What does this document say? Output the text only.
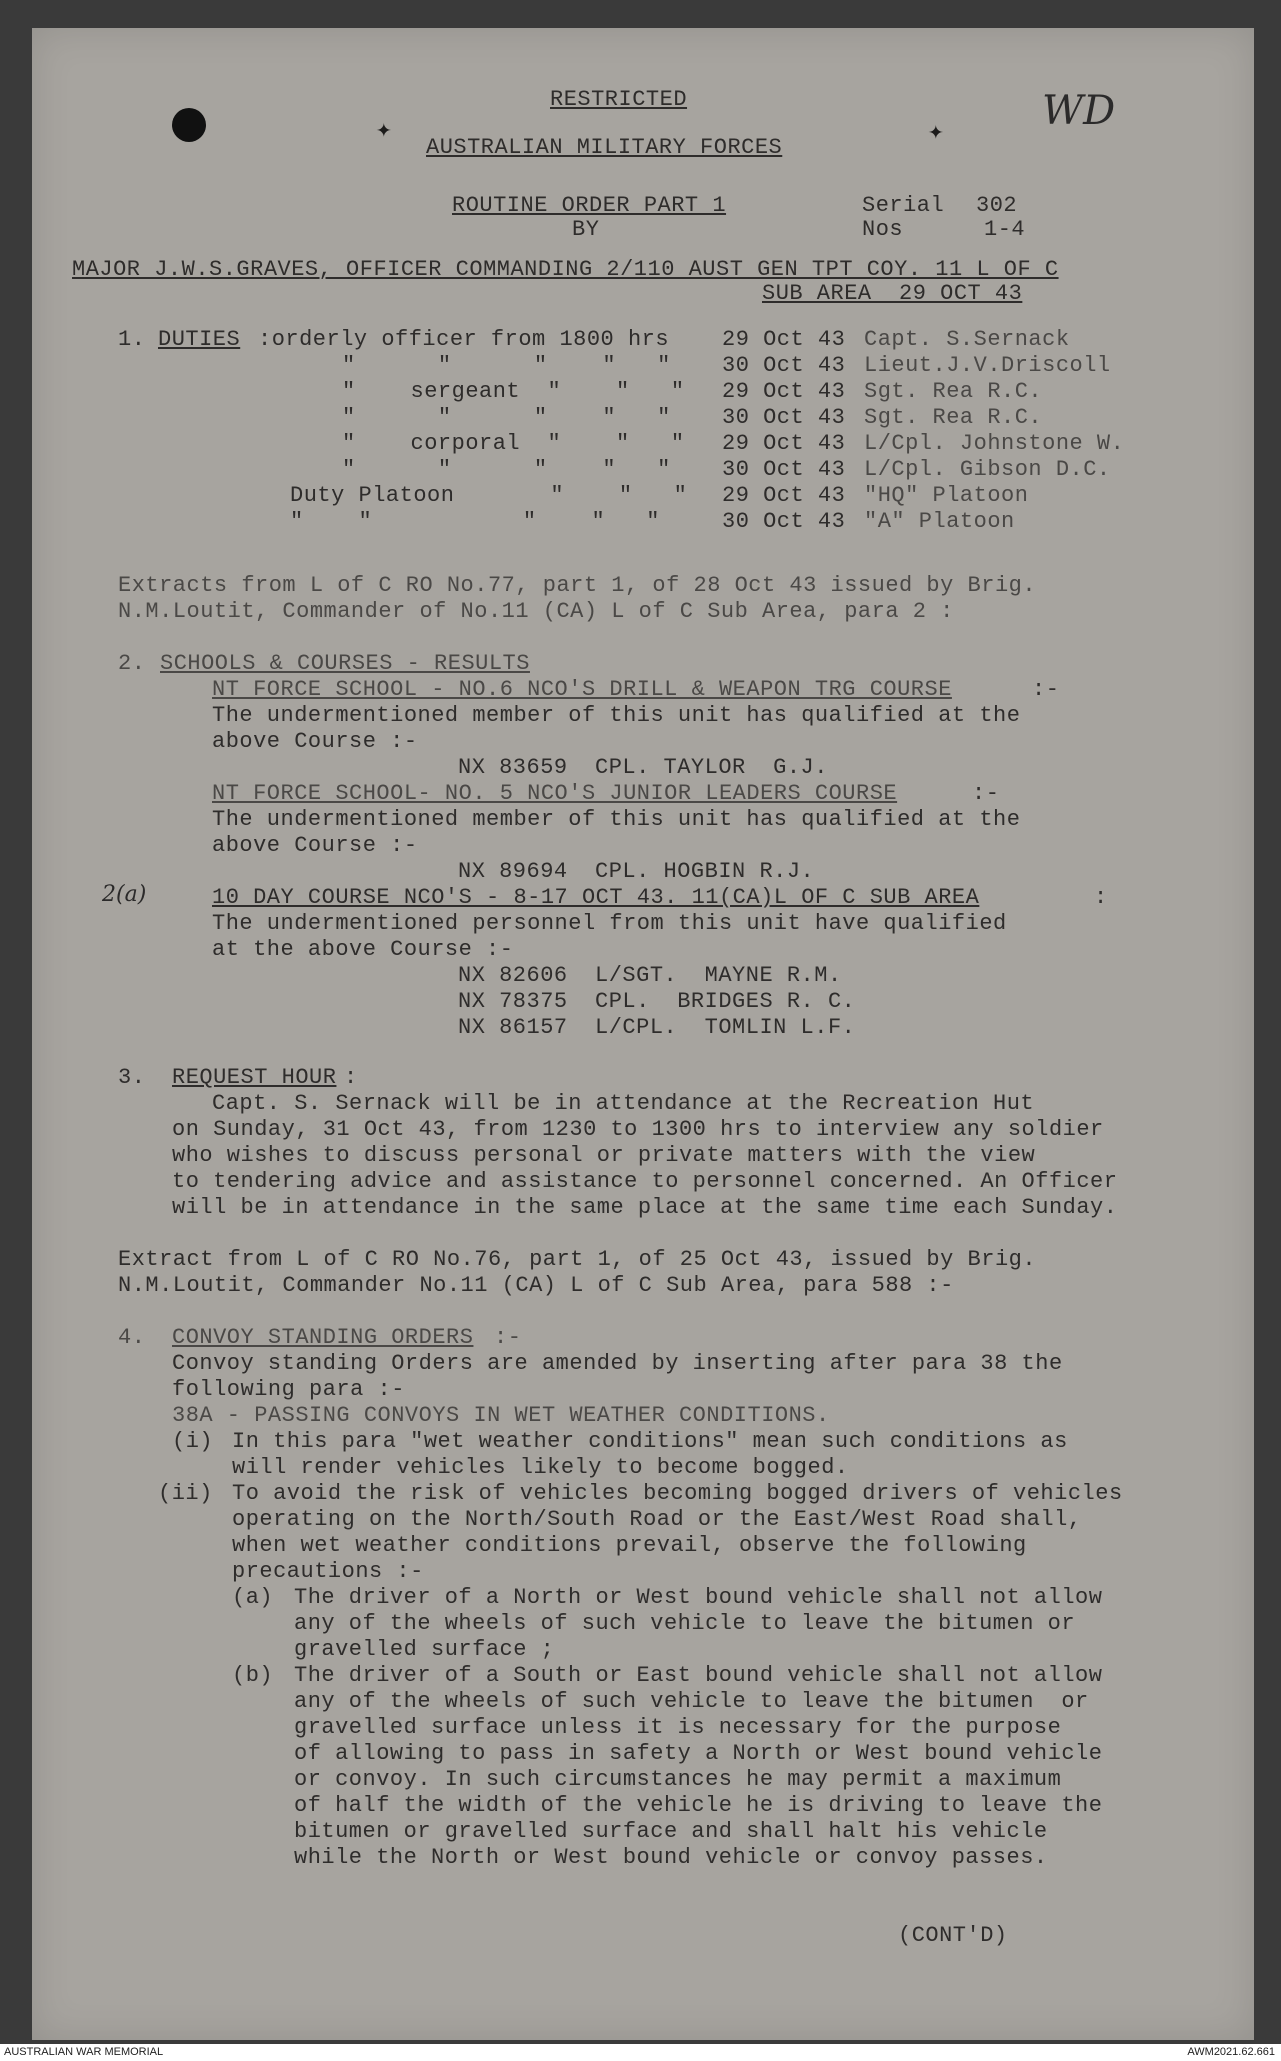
✦	✦
RESTRICTED
AUSTRALIAN MILITARY FORCES
ROUTINE ORDER PART 1
BY
Serial 302
Nos	1-4
WD
MAJOR J.W.S.GRAVES, OFFICER COMMANDING 2/110 AUST GEN TPT COY. 11 L OF C
SUB AREA  29 OCT 43
1. DUTIES :orderly officer from 1800 hrs 29 Oct 43 Capt. S.Sernack
"      "      "    "   " 30 Oct 43 Lieut.J.V.Driscoll
"    sergeant  "    "   " 29 Oct 43 Sgt. Rea R.C.
"      "      "    "   " 30 Oct 43 Sgt. Rea R.C.
"    corporal  "    "   " 29 Oct 43 L/Cpl. Johnstone W.
"      "      "    "   " 30 Oct 43 L/Cpl. Gibson D.C.
Duty Platoon       "    "   " 29 Oct 43 "HQ" Platoon
"    "           "    "   "	30 Oct 43 "A" Platoon
Extracts from L of C RO No.77, part 1, of 28 Oct 43 issued by Brig.
N.M.Loutit, Commander of No.11 (CA) L of C Sub Area, para 2 :
2. SCHOOLS & COURSES - RESULTS
NT FORCE SCHOOL - NO.6 NCO'S DRILL & WEAPON TRG COURSE	:-
The undermentioned member of this unit has qualified at the
above Course :-
NX 83659  CPL. TAYLOR  G.J.
NT FORCE SCHOOL- NO. 5 NCO'S JUNIOR LEADERS COURSE	:-
The undermentioned member of this unit has qualified at the
above Course :-
NX 89694  CPL. HOGBIN R.J.
2(a)	10 DAY COURSE NCO'S - 8-17 OCT 43. 11(CA)L OF C SUB AREA	:
The undermentioned personnel from this unit have qualified
at the above Course :-
NX 82606  L/SGT.  MAYNE R.M.
NX 78375  CPL.  BRIDGES R. C.
NX 86157  L/CPL.  TOMLIN L.F.
3. REQUEST HOUR :
Capt. S. Sernack will be in attendance at the Recreation Hut
on Sunday, 31 Oct 43, from 1230 to 1300 hrs to interview any soldier
who wishes to discuss personal or private matters with the view
to tendering advice and assistance to personnel concerned. An Officer
will be in attendance in the same place at the same time each Sunday.
Extract from L of C RO No.76, part 1, of 25 Oct 43, issued by Brig.
N.M.Loutit, Commander No.11 (CA) L of C Sub Area, para 588 :-
4. CONVOY STANDING ORDERS :-
Convoy standing Orders are amended by inserting after para 38 the
following para :-
38A - PASSING CONVOYS IN WET WEATHER CONDITIONS.
(i) In this para "wet weather conditions" mean such conditions as
will render vehicles likely to become bogged.
(ii) To avoid the risk of vehicles becoming bogged drivers of vehicles
operating on the North/South Road or the East/West Road shall,
when wet weather conditions prevail, observe the following
precautions :-
(a) The driver of a North or West bound vehicle shall not allow
any of the wheels of such vehicle to leave the bitumen or
gravelled surface ;
(b) The driver of a South or East bound vehicle shall not allow
any of the wheels of such vehicle to leave the bitumen  or
gravelled surface unless it is necessary for the purpose
of allowing to pass in safety a North or West bound vehicle
or convoy. In such circumstances he may permit a maximum
of half the width of the vehicle he is driving to leave the
bitumen or gravelled surface and shall halt his vehicle
while the North or West bound vehicle or convoy passes.
(CONT'D)
AUSTRALIAN WAR MEMORIAL	AWM2021.62.661
